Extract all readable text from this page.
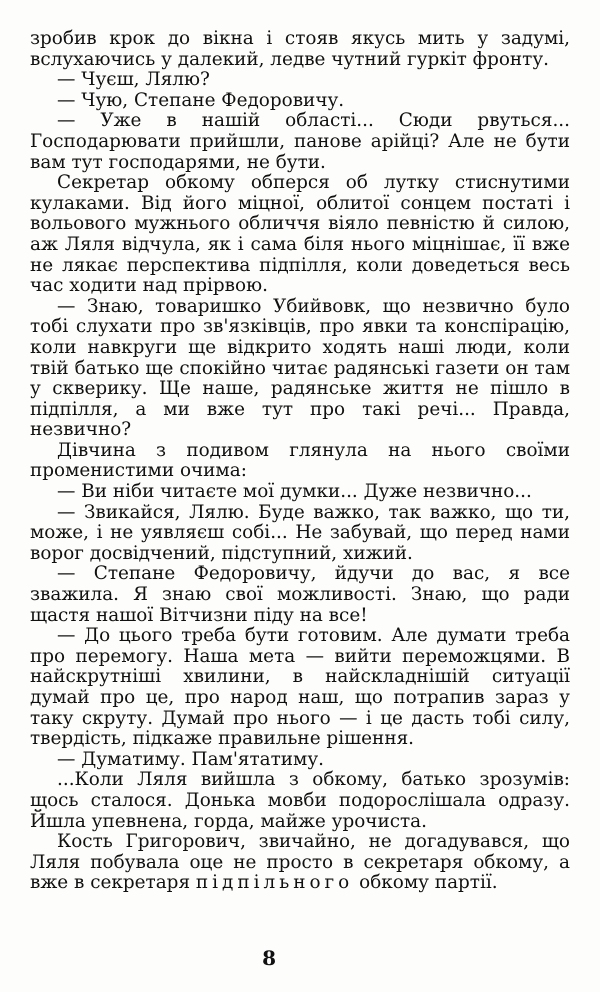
зробив крок до вікна і стояв якусь мить у задумі, вслухаючись у далекий, ледве чутний гуркіт фронту.

— Чуєш, Лялю?

— Чую, Степане Федоровичу.

— Уже в нашій області... Сюди рвуться... Господарювати прийшли, панове арійці? Але не бути вам тут господарями, не бути.

Секретар обкому обперся об лутку стиснутими кулаками. Від його міцної, облитої сонцем постаті і вольового мужнього обличчя віяло певністю й силою, аж Ляля відчула, як і сама біля нього міцнішає, її вже не лякає перспектива підпілля, коли доведеться весь час ходити над прірвою.

— Знаю, товаришко Убийвовк, що незвично було тобі слухати про зв'язківців, про явки та конспірацію, коли навкруги ще відкрито ходять наші люди, коли твій батько ще спокійно читає радянські газети он там у скверику. Ще наше, радянське життя не пішло в підпілля, а ми вже тут про такі речі... Правда, незвично?

Дівчина з подивом глянула на нього своїми променистими очима:

— Ви ніби читаєте мої думки... Дуже незвично...

— Звикайся, Лялю. Буде важко, так важко, що ти, може, і не уявляєш собі... Не забувай, що перед нами ворог досвідчений, підступний, хижий.

— Степане Федоровичу, йдучи до вас, я все зважила. Я знаю свої можливості. Знаю, що ради щастя нашої Вітчизни піду на все!

— До цього треба бути готовим. Але думати треба про перемогу. Наша мета — вийти переможцями. В найскрутніші хвилини, в найскладнішій ситуації думай про це, про народ наш, що потрапив зараз у таку скруту. Думай про нього — і це дасть тобі силу, твердість, підкаже правильне рішення.

— Думатиму. Пам'ятатиму.

...Коли Ляля вийшла з обкому, батько зрозумів: щось сталося. Донька мовби подорослішала одразу. Йшла упевнена, горда, майже урочиста.

Кость Григорович, звичайно, не догадувався, що Ляля побувала оце не просто в секретаря обкому, а вже в секретаря підпільного обкому партії.

8
